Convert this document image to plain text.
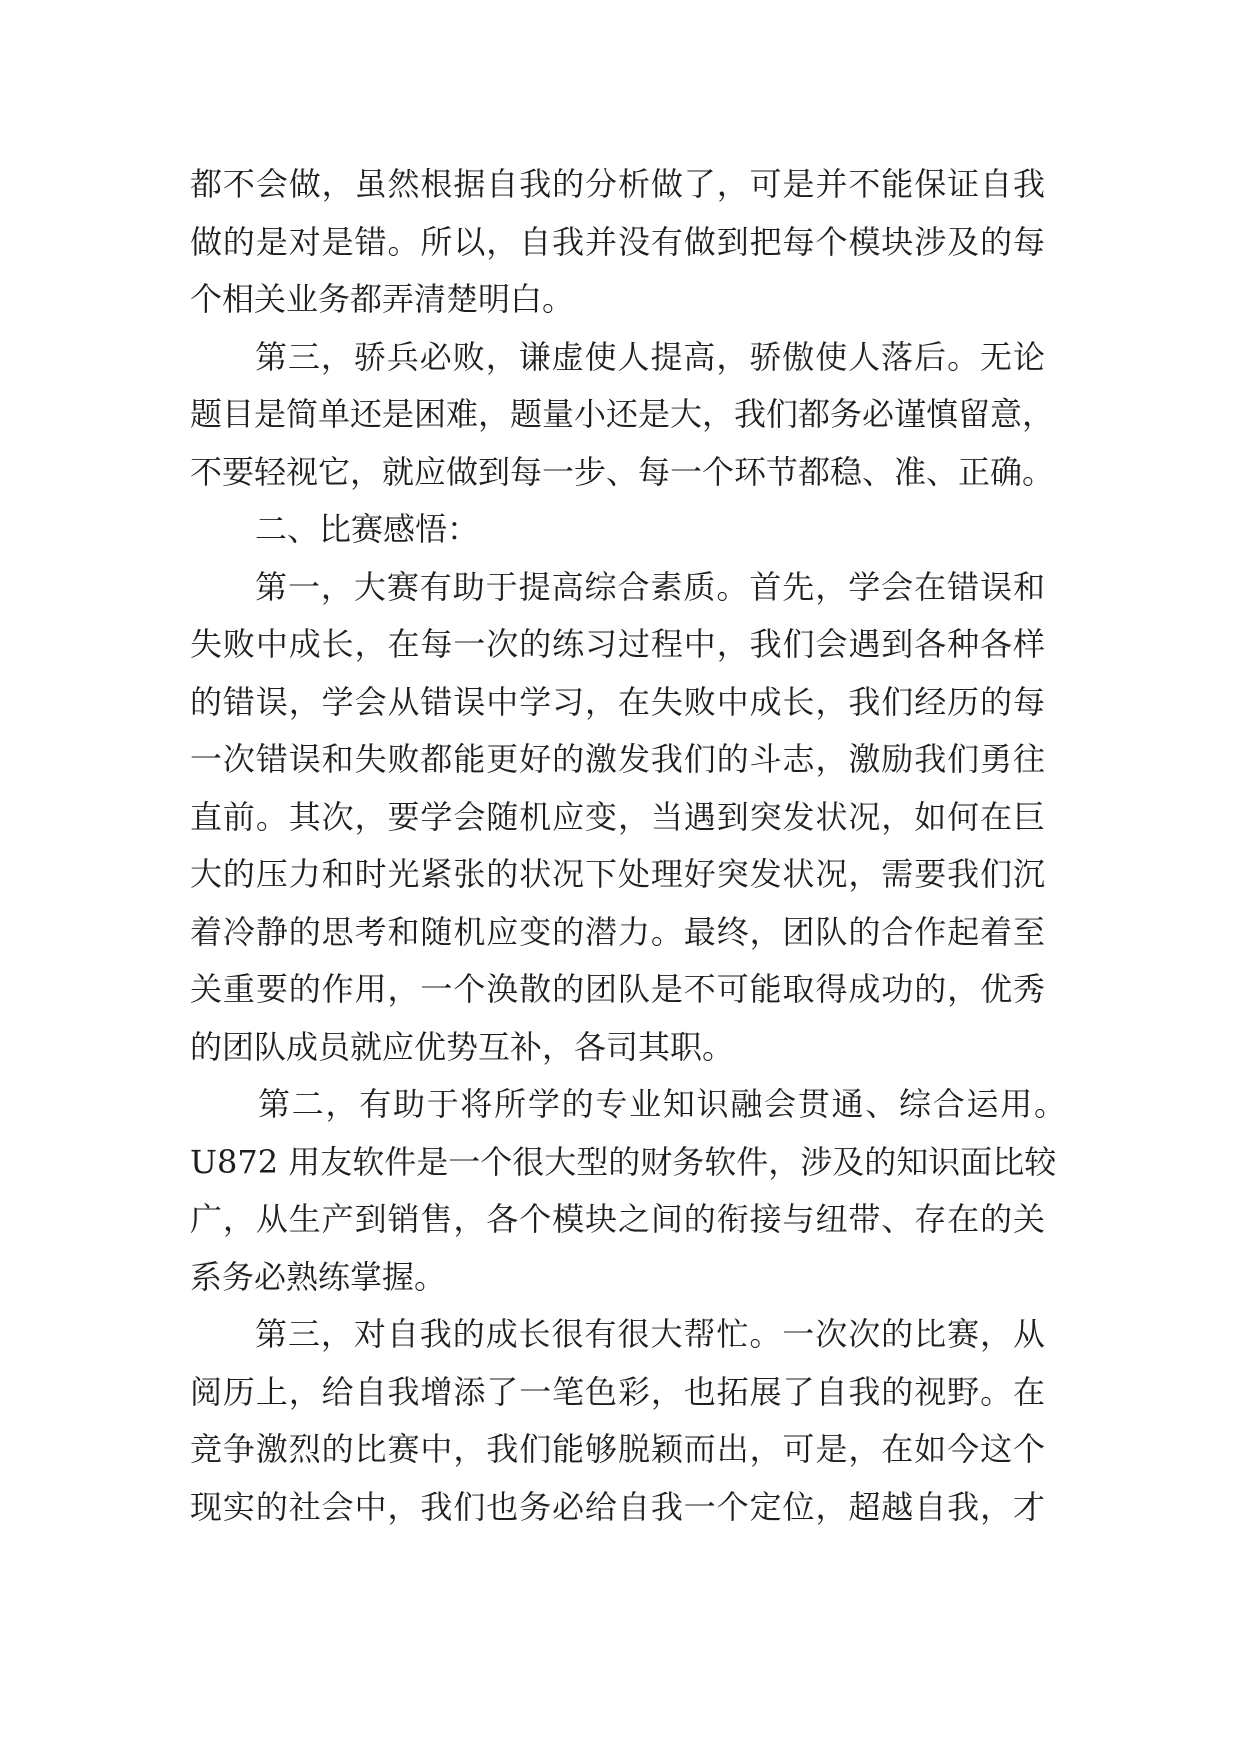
都不会做，虽然根据自我的分析做了，可是并不能保证自我
做的是对是错。所以，自我并没有做到把每个模块涉及的每
个相关业务都弄清楚明白。
第三，骄兵必败，谦虚使人提高，骄傲使人落后。无论
题目是简单还是困难，题量小还是大，我们都务必谨慎留意，
不要轻视它，就应做到每一步、每一个环节都稳、准、正确。
二、比赛感悟：
第一，大赛有助于提高综合素质。首先，学会在错误和
失败中成长，在每一次的练习过程中，我们会遇到各种各样
的错误，学会从错误中学习，在失败中成长，我们经历的每
一次错误和失败都能更好的激发我们的斗志，激励我们勇往
直前。其次，要学会随机应变，当遇到突发状况，如何在巨
大的压力和时光紧张的状况下处理好突发状况，需要我们沉
着冷静的思考和随机应变的潜力。最终，团队的合作起着至
关重要的作用，一个涣散的团队是不可能取得成功的，优秀
的团队成员就应优势互补，各司其职。
第二，有助于将所学的专业知识融会贯通、综合运用。
U872 用友软件是一个很大型的财务软件，涉及的知识面比较
广，从生产到销售，各个模块之间的衔接与纽带、存在的关
系务必熟练掌握。
第三，对自我的成长很有很大帮忙。一次次的比赛，从
阅历上，给自我增添了一笔色彩，也拓展了自我的视野。在
竞争激烈的比赛中，我们能够脱颖而出，可是，在如今这个
现实的社会中，我们也务必给自我一个定位，超越自我，才
